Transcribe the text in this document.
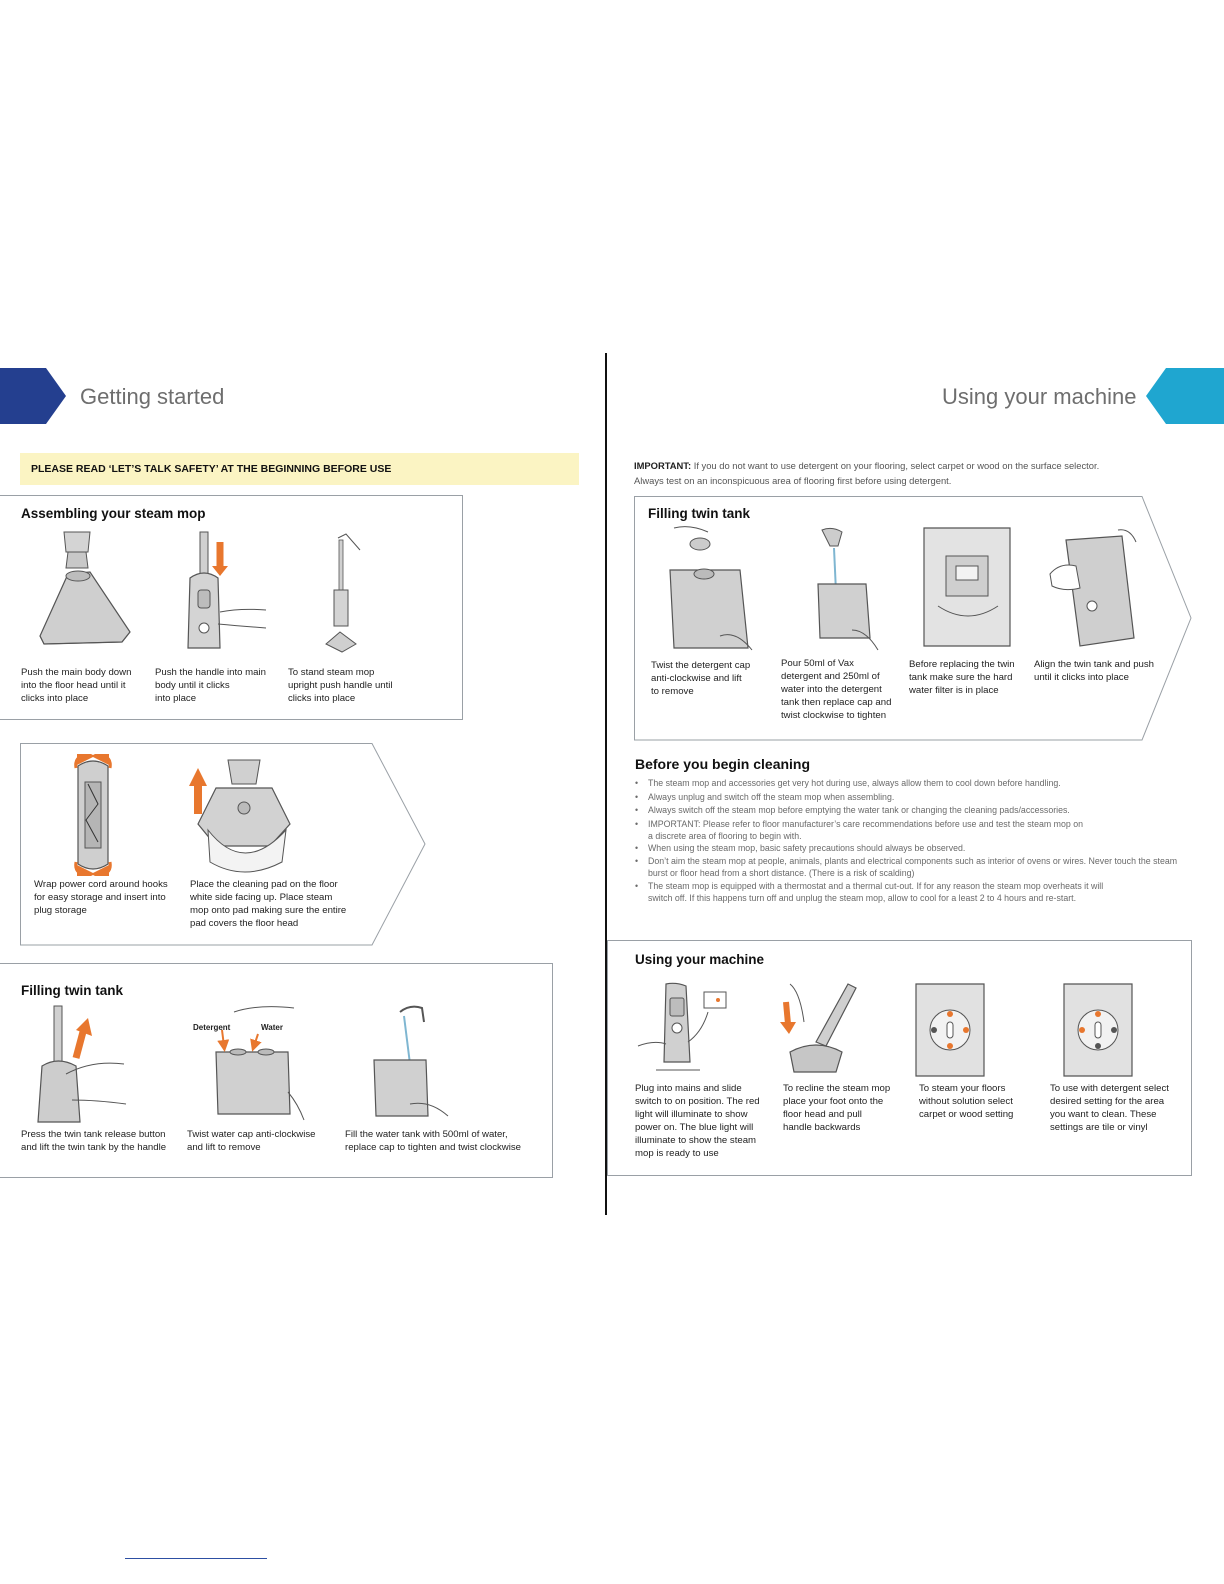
Getting started
PLEASE READ ‘LET’S TALK SAFETY’ AT THE BEGINNING BEFORE USE
Assembling your steam mop
Push the main body down
into the floor head until it
clicks into place
Push the handle into main
body until it clicks
into place
To stand steam mop
upright push handle until
clicks into place
Wrap power cord around hooks
for easy storage and insert into
plug storage
Place the cleaning pad on the floor
white side facing up. Place steam
mop onto pad making sure the entire
pad covers the floor head
Filling twin tank
Detergent	Water
Press the twin tank release button
and lift the twin tank by the handle
Twist water cap anti-clockwise
and lift to remove
Fill the water tank with 500ml of water,
replace cap to tighten and twist clockwise
Using your machine
IMPORTANT: If you do not want to use detergent on your flooring, select carpet or wood on the surface selector.
Always test on an inconspicuous area of flooring first before using detergent.
Filling twin tank
Twist the detergent cap
anti-clockwise and lift
to remove
Pour 50ml of Vax
detergent and 250ml of
water into the detergent
tank then replace cap and
twist clockwise to tighten
Before replacing the twin
tank make sure the hard
water filter is in place
Align the twin tank and push
until it clicks into place
Before you begin cleaning
• The steam mop and accessories get very hot during use, always allow them to cool down before handling.
• Always unplug and switch off the steam mop when assembling.
• Always switch off the steam mop before emptying the water tank or changing the cleaning pads/accessories.
• IMPORTANT: Please refer to floor manufacturer’s care recommendations before use and test the steam mop on a discrete area of flooring to begin with.
• When using the steam mop, basic safety precautions should always be observed.
• Don’t aim the steam mop at people, animals, plants and electrical components such as interior of ovens or wires. Never touch the steam burst or floor head from a short distance. (There is a risk of scalding)
• The steam mop is equipped with a thermostat and a thermal cut-out. If for any reason the steam mop overheats it will switch off. If this happens turn off and unplug the steam mop, allow to cool for a least 2 to 4 hours and re-start.
Using your machine
Plug into mains and slide
switch to on position. The red
light will illuminate to show
power on. The blue light will
illuminate to show the steam
mop is ready to use
To recline the steam mop
place your foot onto the
floor head and pull
handle backwards
To steam your floors
without solution select
carpet or wood setting
To use with detergent select
desired setting for the area
you want to clean. These
settings are tile or vinyl
